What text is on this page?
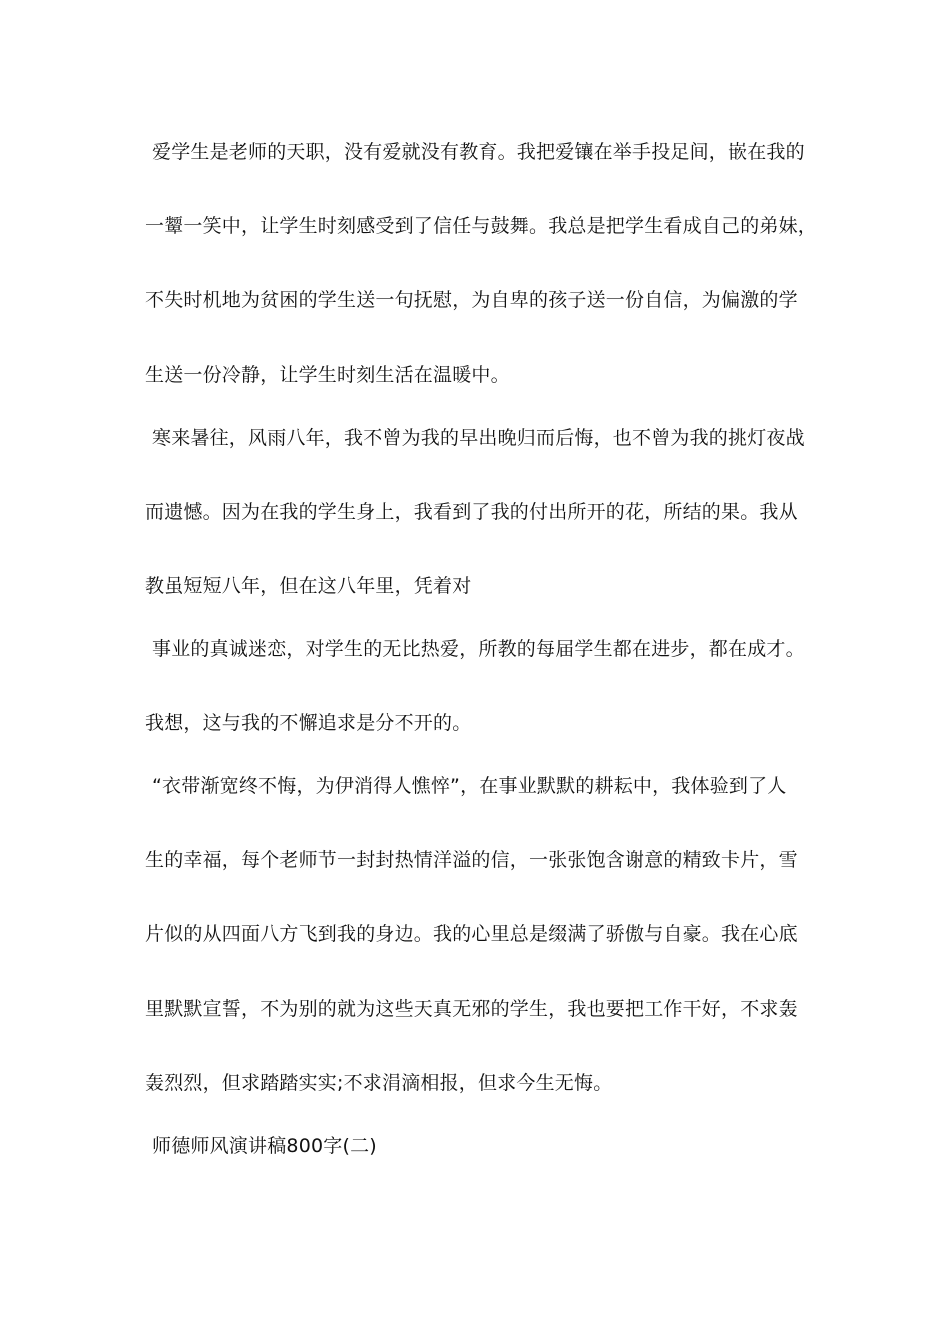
爱学生是老师的天职，没有爱就没有教育。我把爱镶在举手投足间，嵌在我的
一颦一笑中，让学生时刻感受到了信任与鼓舞。我总是把学生看成自己的弟妹，
不失时机地为贫困的学生送一句抚慰，为自卑的孩子送一份自信，为偏激的学
生送一份冷静，让学生时刻生活在温暖中。
寒来暑往，风雨八年，我不曾为我的早出晚归而后悔，也不曾为我的挑灯夜战
而遗憾。因为在我的学生身上，我看到了我的付出所开的花，所结的果。我从
教虽短短八年，但在这八年里，凭着对
事业的真诚迷恋，对学生的无比热爱，所教的每届学生都在进步，都在成才。
我想，这与我的不懈追求是分不开的。
“衣带渐宽终不悔，为伊消得人憔悴”，在事业默默的耕耘中，我体验到了人
生的幸福，每个老师节一封封热情洋溢的信，一张张饱含谢意的精致卡片，雪
片似的从四面八方飞到我的身边。我的心里总是缀满了骄傲与自豪。我在心底
里默默宣誓，不为别的就为这些天真无邪的学生，我也要把工作干好，不求轰
轰烈烈，但求踏踏实实;不求涓滴相报，但求今生无悔。
师德师风演讲稿800字(二)
